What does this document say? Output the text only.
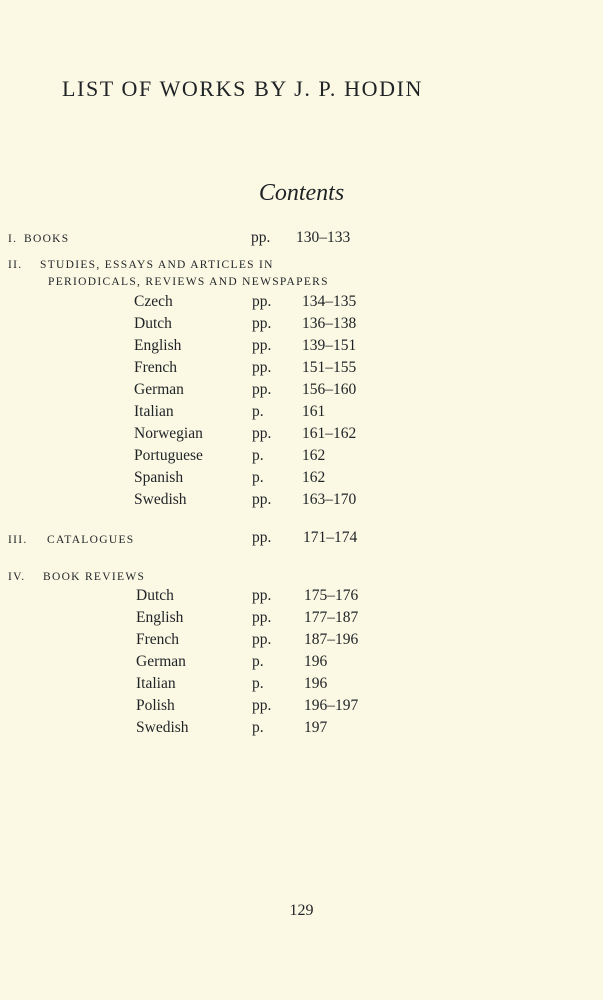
LIST OF WORKS BY J. P. HODIN
Contents
I. BOOKS	pp. 130–133
II. STUDIES, ESSAYS AND ARTICLES IN
PERIODICALS, REVIEWS AND NEWSPAPERS
Czech	pp. 134–135
Dutch	pp. 136–138
English	pp. 139–151
French	pp. 151–155
German	pp. 156–160
Italian	p. 161
Norwegian	pp. 161–162
Portuguese	p. 162
Spanish	p. 162
Swedish	pp. 163–170
III. CATALOGUES	pp. 171–174
IV. BOOK REVIEWS
Dutch	pp. 175–176
English	pp. 177–187
French	pp. 187–196
German	p.	196
Italian	p.	196
Polish	pp. 196–197
Swedish	p.	197
129
